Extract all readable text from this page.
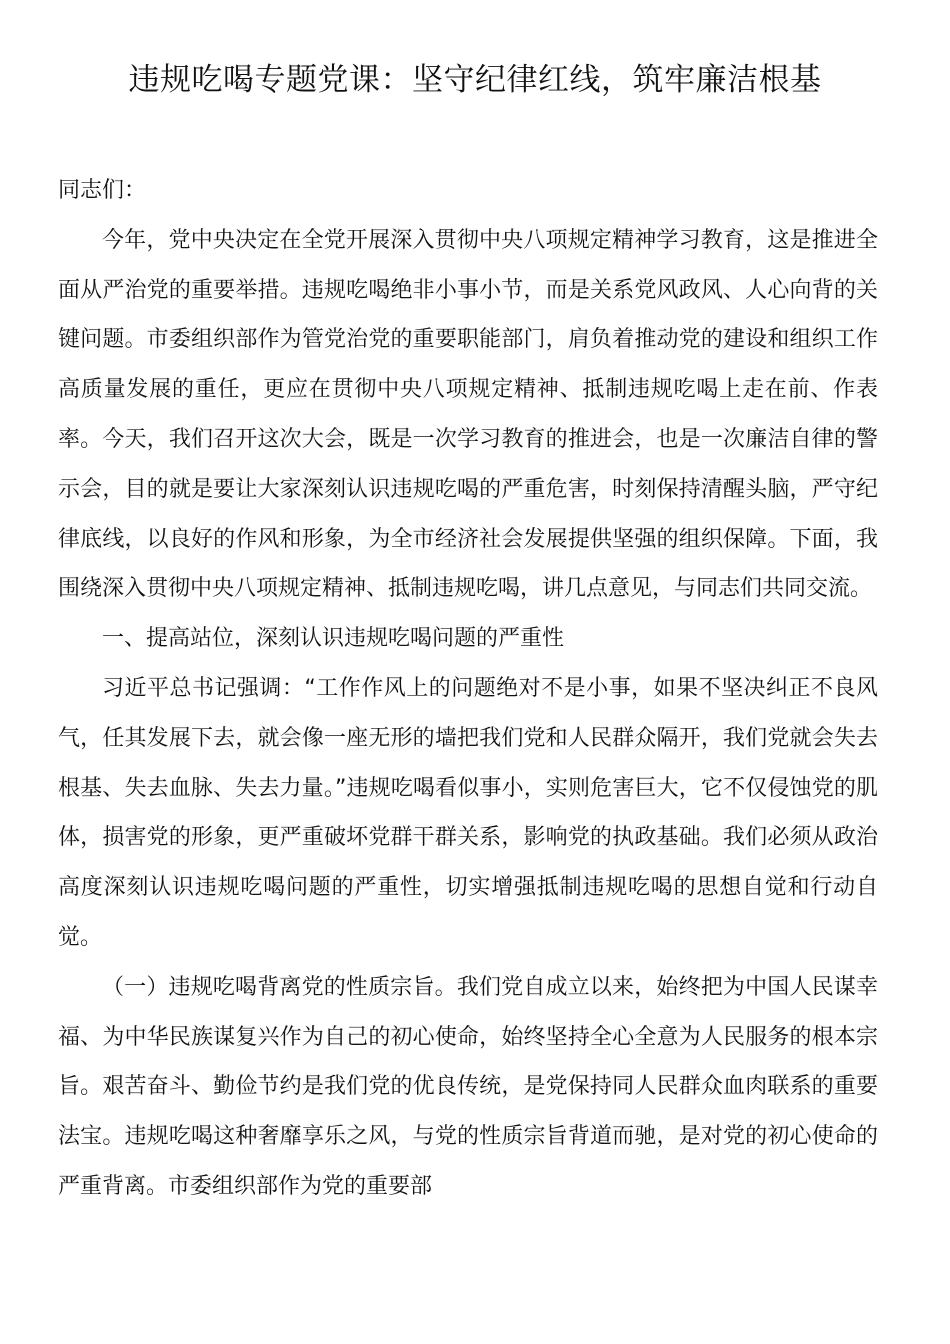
违规吃喝专题党课：坚守纪律红线，筑牢廉洁根基

同志们：

今年，党中央决定在全党开展深入贯彻中央八项规定精神学习教育，这是推进全面从严治党的重要举措。违规吃喝绝非小事小节，而是关系党风政风、人心向背的关键问题。市委组织部作为管党治党的重要职能部门，肩负着推动党的建设和组织工作高质量发展的重任，更应在贯彻中央八项规定精神、抵制违规吃喝上走在前、作表率。今天，我们召开这次大会，既是一次学习教育的推进会，也是一次廉洁自律的警示会，目的就是要让大家深刻认识违规吃喝的严重危害，时刻保持清醒头脑，严守纪律底线，以良好的作风和形象，为全市经济社会发展提供坚强的组织保障。下面，我围绕深入贯彻中央八项规定精神、抵制违规吃喝，讲几点意见，与同志们共同交流。

一、提高站位，深刻认识违规吃喝问题的严重性

习近平总书记强调：“工作作风上的问题绝对不是小事，如果不坚决纠正不良风气，任其发展下去，就会像一座无形的墙把我们党和人民群众隔开，我们党就会失去根基、失去血脉、失去力量。”违规吃喝看似事小，实则危害巨大，它不仅侵蚀党的肌体，损害党的形象，更严重破坏党群干群关系，影响党的执政基础。我们必须从政治高度深刻认识违规吃喝问题的严重性，切实增强抵制违规吃喝的思想自觉和行动自觉。

（一）违规吃喝背离党的性质宗旨。我们党自成立以来，始终把为中国人民谋幸福、为中华民族谋复兴作为自己的初心使命，始终坚持全心全意为人民服务的根本宗旨。艰苦奋斗、勤俭节约是我们党的优良传统，是党保持同人民群众血肉联系的重要法宝。违规吃喝这种奢靡享乐之风，与党的性质宗旨背道而驰，是对党的初心使命的严重背离。市委组织部作为党的重要部
